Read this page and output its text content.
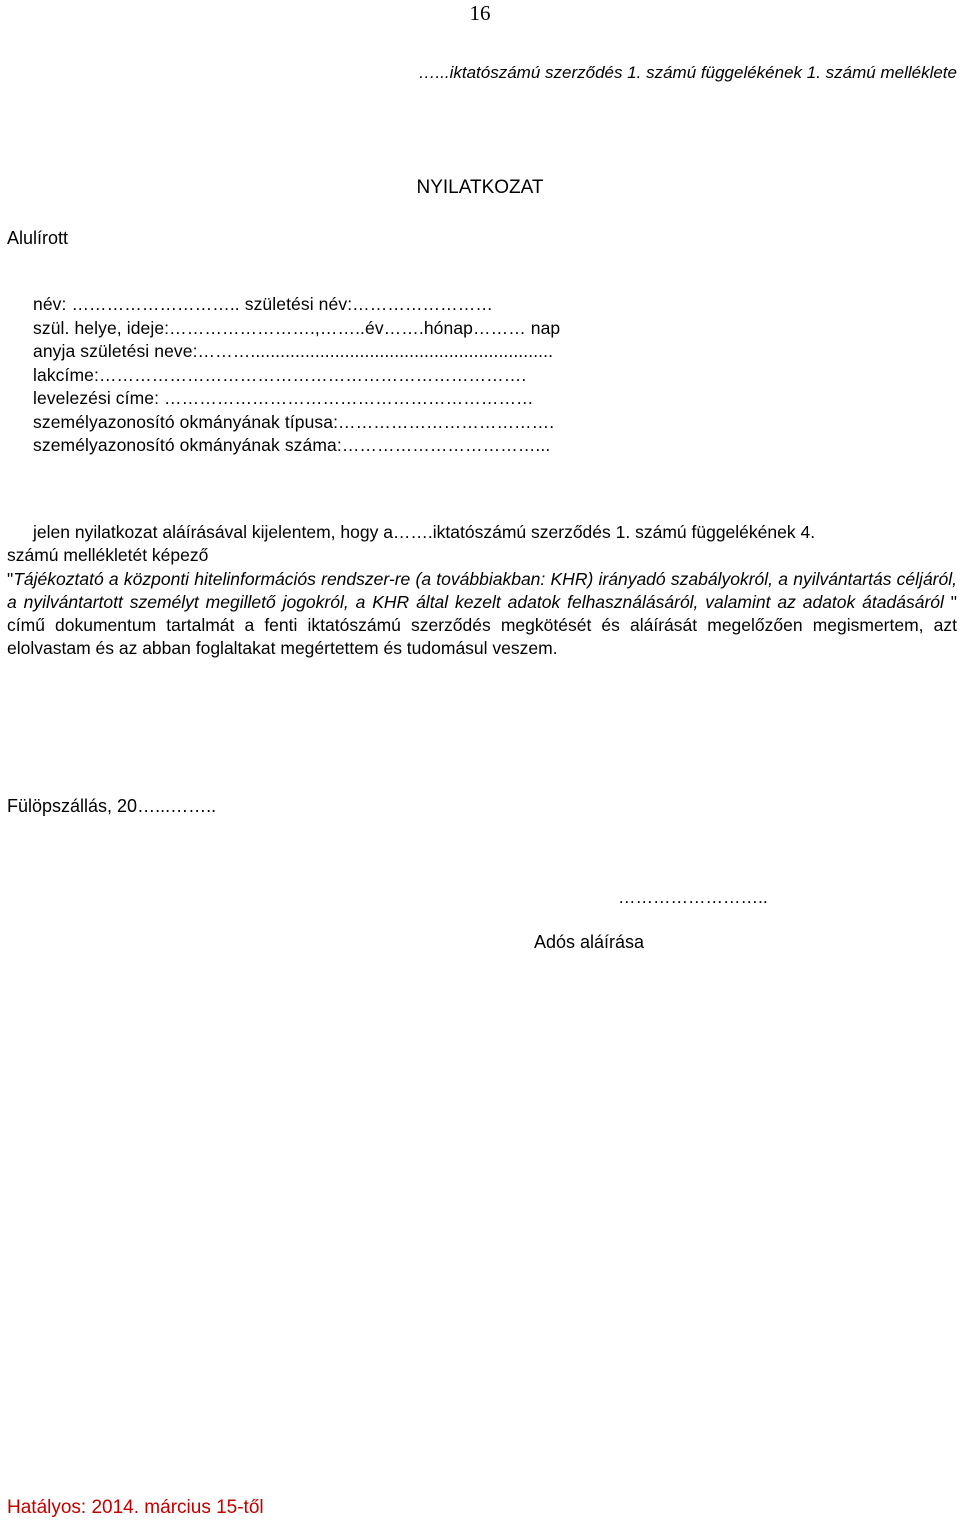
16
…...iktatószámú szerződés 1. számú függelékének 1. számú melléklete
NYILATKOZAT
Alulírott
név: ……………………….. születési név:……………………
szül. helye, ideje:…………………….,……..év…….hónap……… nap
anyja születési neve:……….............................................................
lakcíme:……………………………………………………………….
levelezési címe: ………………………………………………………
személyazonosító okmányának típusa:……………………………….
személyazonosító okmányának száma:……………………………...
jelen nyilatkozat aláírásával kijelentem, hogy a…….iktatószámú szerződés 1. számú függelékének 4.
számú mellékletét képező
"Tájékoztató a központi hitelinformációs rendszer-re (a továbbiakban: KHR) irányadó szabályokról, a nyilvántartás céljáról, a nyilvántartott személyt megillető jogokról, a KHR által kezelt adatok felhasználásáról, valamint az adatok átadásáról " című dokumentum tartalmát a fenti iktatószámú szerződés megkötését és aláírását megelőzően megismertem, azt elolvastam és az abban foglaltakat megértettem és tudomásul veszem.
Fülöpszállás, 20…...……..
……………………..
Adós aláírása
Hatályos: 2014. március 15-től
